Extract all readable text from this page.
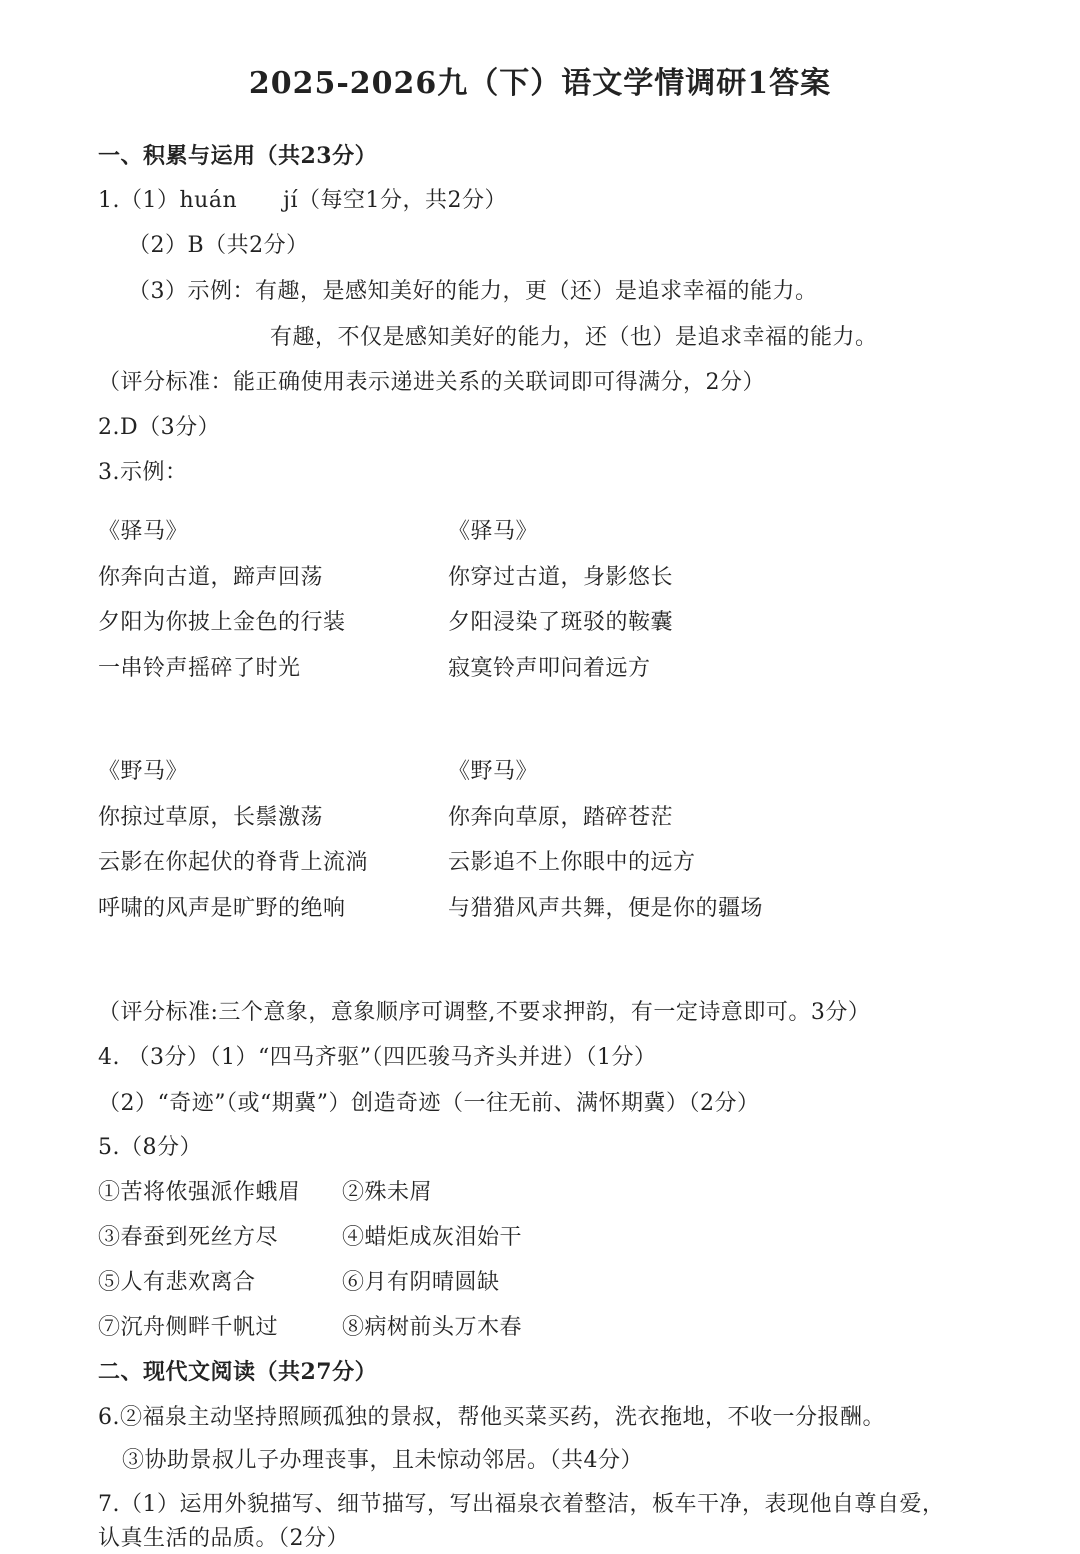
2025-2026九（下）语文学情调研1答案
一、积累与运用（共23分）
1.（1）huán jí（每空1分，共2分）
（2）B（共2分）
（3）示例：有趣，是感知美好的能力，更（还）是追求幸福的能力。
有趣，不仅是感知美好的能力，还（也）是追求幸福的能力。
（评分标准：能正确使用表示递进关系的关联词即可得满分，2分）
2.D（3分）
3.示例：
《驿马》	《驿马》
你奔向古道，蹄声回荡	你穿过古道，身影悠长
夕阳为你披上金色的行装	夕阳浸染了斑驳的鞍囊
一串铃声摇碎了时光	寂寞铃声叩问着远方
《野马》	《野马》
你掠过草原，长鬃激荡	你奔向草原，踏碎苍茫
云影在你起伏的脊背上流淌	云影追不上你眼中的远方
呼啸的风声是旷野的绝响	与猎猎风声共舞，便是你的疆场
（评分标准:三个意象，意象顺序可调整,不要求押韵，有一定诗意即可。3分）
4. （3分）（1）“四马齐驱”（四匹骏马齐头并进）（1分）
（2）“奇迹”（或“期冀”）创造奇迹（一往无前、满怀期冀）（2分）
5.（8分）
①苦将侬强派作蛾眉 ②殊未屑
③春蚕到死丝方尽	④蜡炬成灰泪始干
⑤人有悲欢离合	⑥月有阴晴圆缺
⑦沉舟侧畔千帆过	⑧病树前头万木春
二、现代文阅读（共27分）
6.②福泉主动坚持照顾孤独的景叔，帮他买菜买药，洗衣拖地，不收一分报酬。
③协助景叔儿子办理丧事，且未惊动邻居。（共4分）
7.（1）运用外貌描写、细节描写，写出福泉衣着整洁，板车干净，表现他自尊自爱，
认真生活的品质。（2分）
